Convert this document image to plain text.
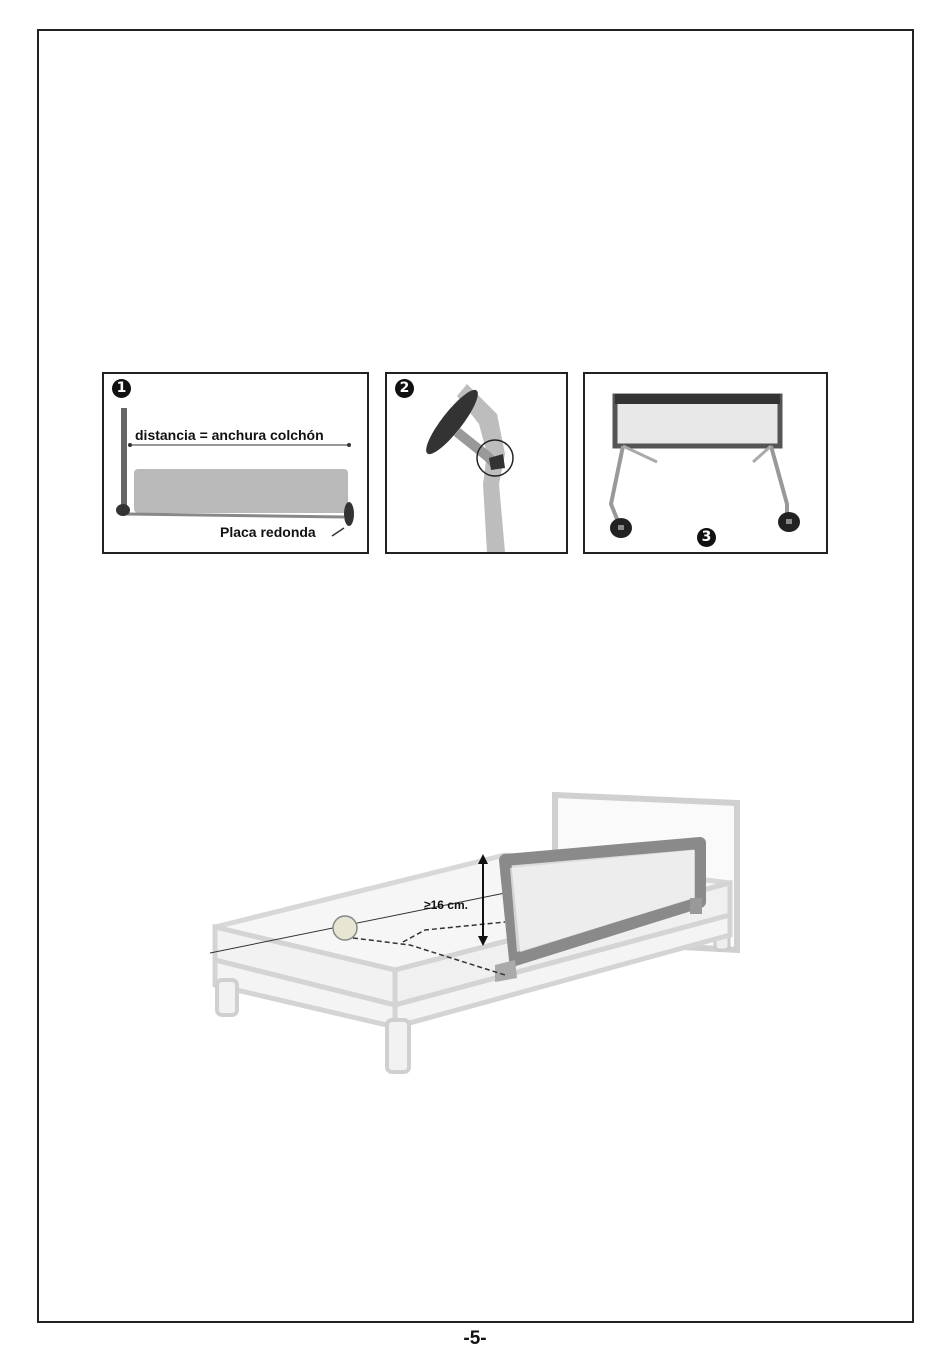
1
distancia = anchura colchón
Placa redonda
2
3
≥16 cm.
-5-
